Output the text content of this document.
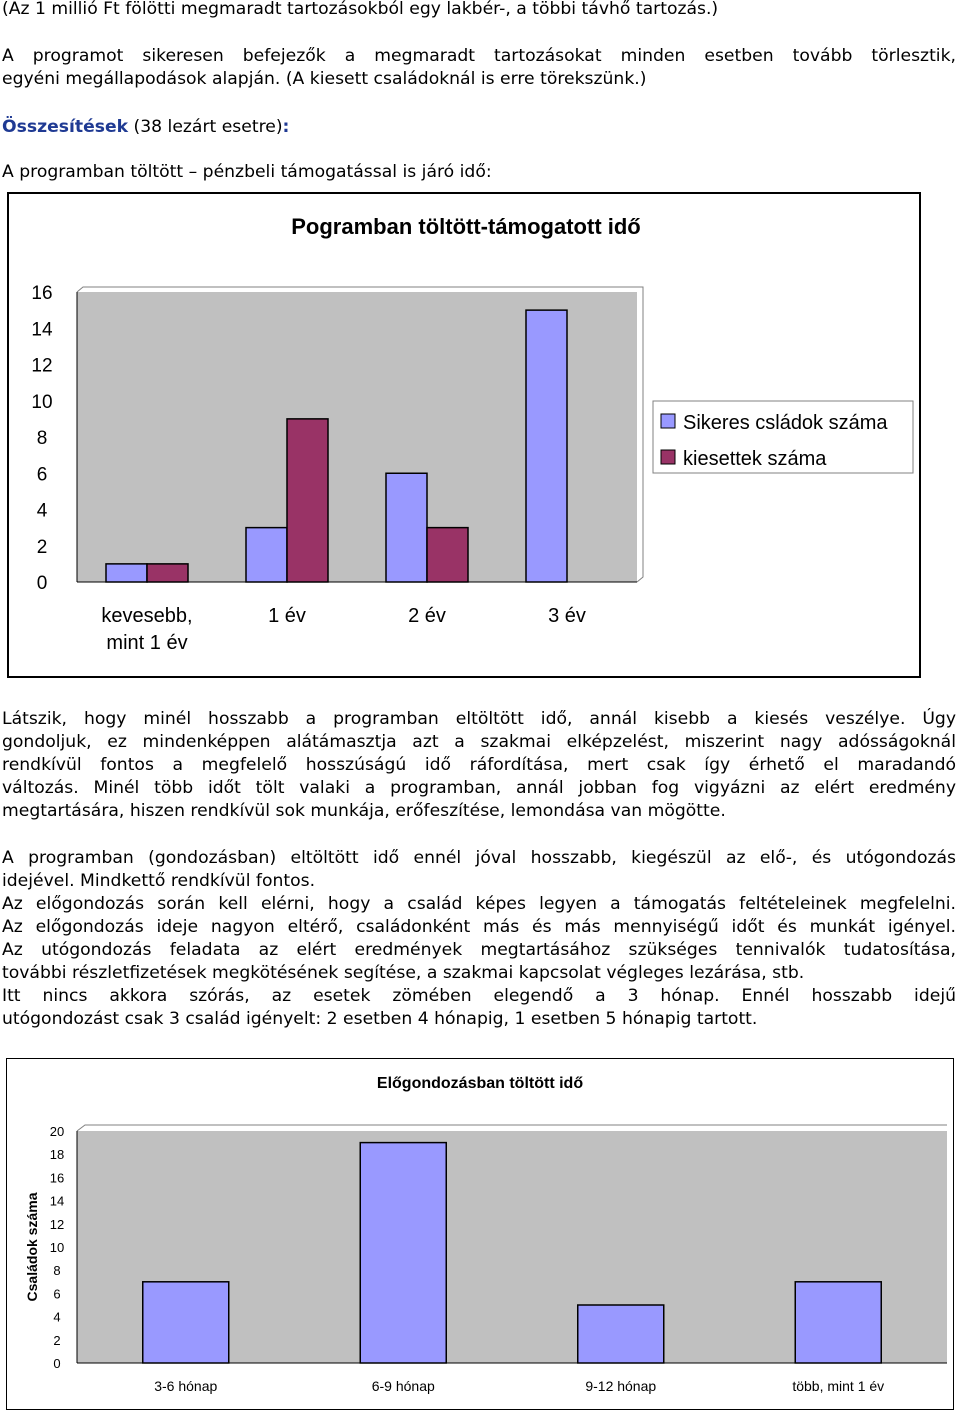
(Az 1 millió Ft fölötti megmaradt tartozásokból egy lakbér-, a többi távhő tartozás.)

A programot sikeresen befejezők a megmaradt tartozásokat minden esetben tovább törlesztik,

egyéni megállapodások alapján. (A kiesett családoknál is erre törekszünk.)

Összesítések (38 lezárt esetre):

A programban töltött – pénzbeli támogatással is járó idő:

Pogramban töltött-támogatott idő
0
2
4
6
8
10
12
14
16
kevesebb,
mint 1 év
1 év	2 év	3 év
Sikeres csládok száma
kiesettek száma

Látszik, hogy minél hosszabb a programban eltöltött idő, annál kisebb a kiesés veszélye. Úgy

gondoljuk, ez mindenképpen alátámasztja azt a szakmai elképzelést, miszerint nagy adósságoknál

rendkívül fontos a megfelelő hosszúságú idő ráfordítása, mert csak így érhető el maradandó

változás. Minél több időt tölt valaki a programban, annál jobban fog vigyázni az elért eredmény

megtartására, hiszen rendkívül sok munkája, erőfeszítése, lemondása van mögötte.

A programban (gondozásban) eltöltött idő ennél jóval hosszabb, kiegészül az elő-, és utógondozás

idejével. Mindkettő rendkívül fontos.

Az előgondozás során kell elérni, hogy a család képes legyen a támogatás feltételeinek megfelelni.

Az előgondozás ideje nagyon eltérő, családonként más és más mennyiségű időt és munkát igényel.

Az utógondozás feladata az elért eredmények megtartásához szükséges tennivalók tudatosítása,

további részletfizetések megkötésének segítése, a szakmai kapcsolat végleges lezárása, stb.

Itt nincs akkora szórás, az esetek zömében elegendő a 3 hónap. Ennél hosszabb idejű

utógondozást csak 3 család igényelt: 2 esetben 4 hónapig, 1 esetben 5 hónapig tartott.

Előgondozásban töltött idő
0
2
4
6
8
10
12
14
16
18
20
Családok száma
3-6 hónap	6-9 hónap	9-12 hónap	több, mint 1 év
